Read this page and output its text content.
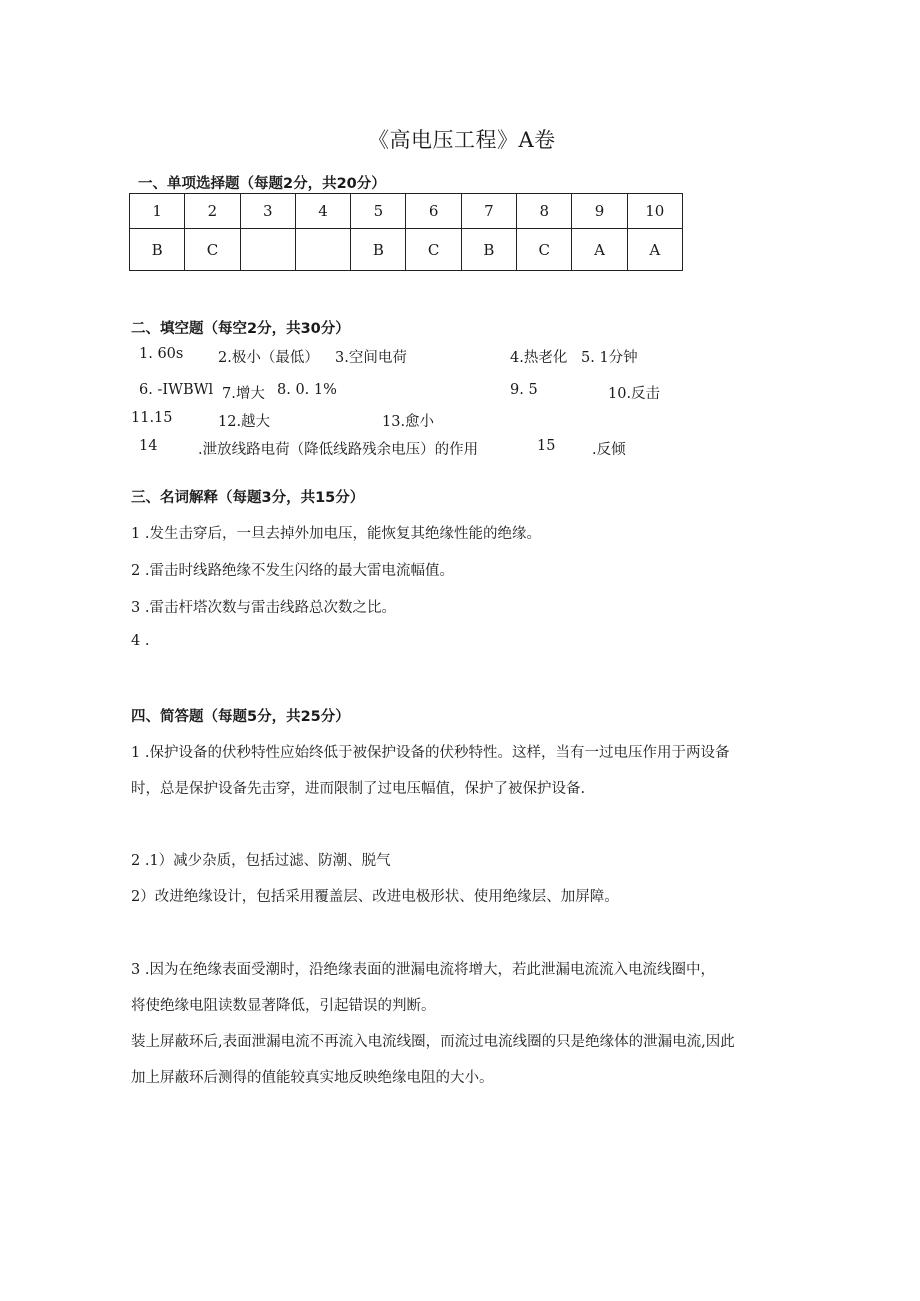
《高电压工程》A卷
一、单项选择题（每题2分，共20分）
1	2	3	4	5	6	7	8	9	10
B	C			B	C	B	C	A	A
二、填空题（每空2分，共30分）
1. 60s 2.极小（最低） 3.空间电荷	4.热老化 5. 1分钟
6. -IWBWl 7.增大 8. 0. 1%	9. 5	10.反击
11.15	12.越大	13.愈小
14	.泄放线路电荷（降低线路残余电压）的作用	15	.反倾
三、名词解释（每题3分，共15分）
1 .发生击穿后，一旦去掉外加电压，能恢复其绝缘性能的绝缘。
2 .雷击时线路绝缘不发生闪络的最大雷电流幅值。
3 .雷击杆塔次数与雷击线路总次数之比。
4 .
四、简答题（每题5分，共25分）
1 .保护设备的伏秒特性应始终低于被保护设备的伏秒特性。这样，当有一过电压作用于两设备
时，总是保护设备先击穿，进而限制了过电压幅值，保护了被保护设备.
2 .1）减少杂质，包括过滤、防潮、脱气
2）改进绝缘设计，包括采用覆盖层、改进电极形状、使用绝缘层、加屏障。
3 .因为在绝缘表面受潮时，沿绝缘表面的泄漏电流将增大，若此泄漏电流流入电流线圈中，
将使绝缘电阻读数显著降低，引起错误的判断。
装上屏蔽环后,表面泄漏电流不再流入电流线圈，而流过电流线圈的只是绝缘体的泄漏电流,因此
加上屏蔽环后测得的值能较真实地反映绝缘电阻的大小。
